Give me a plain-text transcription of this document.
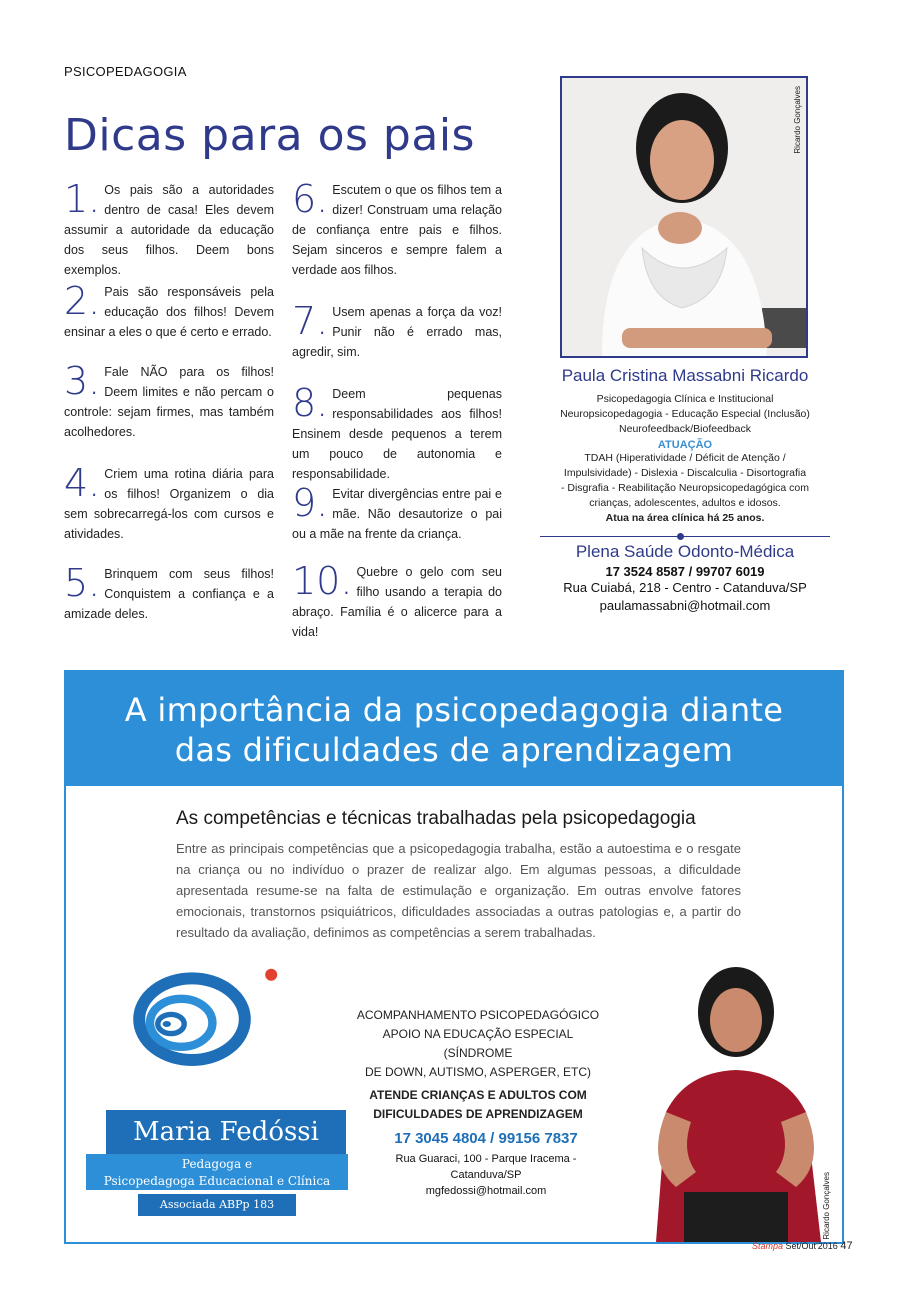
PSICOPEDAGOGIA
Dicas para os pais
1. Os pais são a autoridades dentro de casa! Eles devem assumir a autoridade da educação dos seus filhos. Deem bons exemplos.
2. Pais são responsáveis pela educação dos filhos! Devem ensinar a eles o que é certo e errado.
3. Fale NÃO para os filhos! Deem limites e não percam o controle: sejam firmes, mas também acolhedores.
4. Criem uma rotina diária para os filhos! Organizem o dia sem sobrecarregá-los com cursos e atividades.
5. Brinquem com seus filhos! Conquistem a confiança e a amizade deles.
6. Escutem o que os filhos tem a dizer! Construam uma relação de confiança entre pais e filhos. Sejam sinceros e sempre falem a verdade aos filhos.
7. Usem apenas a força da voz! Punir não é errado mas, agredir, sim.
8. Deem pequenas responsabilidades aos filhos! Ensinem desde pequenos a terem um pouco de autonomia e responsabilidade.
9. Evitar divergências entre pai e mãe. Não desautorize o pai ou a mãe na frente da criança.
10. Quebre o gelo com seu filho usando a terapia do abraço. Família é o alicerce para a vida!
Ricardo Gonçalves
Paula Cristina Massabni Ricardo
Psicopedagogia Clínica e Institucional
Neuropsicopedagogia - Educação Especial (Inclusão)
Neurofeedback/Biofeedback
ATUAÇÃO
TDAH (Hiperatividade / Déficit de Atenção /
Impulsividade) - Dislexia - Discalculia - Disortografia
- Disgrafia - Reabilitação Neuropsicopedagógica com
crianças, adolescentes, adultos e idosos.
Atua na área clínica há 25 anos.
Plena Saúde Odonto-Médica
17 3524 8587 / 99707 6019
Rua Cuiabá, 218 - Centro - Catanduva/SP
paulamassabni@hotmail.com
A importância da psicopedagogia diante
das dificuldades de aprendizagem
As competências e técnicas trabalhadas pela psicopedagogia
Entre as principais competências que a psicopedagogia trabalha, estão a autoestima e o resgate na criança ou no indivíduo o prazer de realizar algo. Em algumas pessoas, a dificuldade apresentada resume-se na falta de estimulação e organização. Em outras envolve fatores emocionais, transtornos psiquiátricos, dificuldades associadas a outras patologias e, a partir do resultado da avaliação, definimos as competências a serem trabalhadas.
Maria Fedóssi
Pedagoga e
Psicopedagoga Educacional e Clínica
Associada ABPp 183
ACOMPANHAMENTO PSICOPEDAGÓGICO
APOIO NA EDUCAÇÃO ESPECIAL (SÍNDROME
DE DOWN, AUTISMO, ASPERGER, ETC)
ATENDE CRIANÇAS E ADULTOS COM
DIFICULDADES DE APRENDIZAGEM
17 3045 4804 / 99156 7837
Rua Guaraci, 100 - Parque Iracema - Catanduva/SP
mgfedossi@hotmail.com	Ricardo Gonçalves
Stampa Set/Out'2016 47
